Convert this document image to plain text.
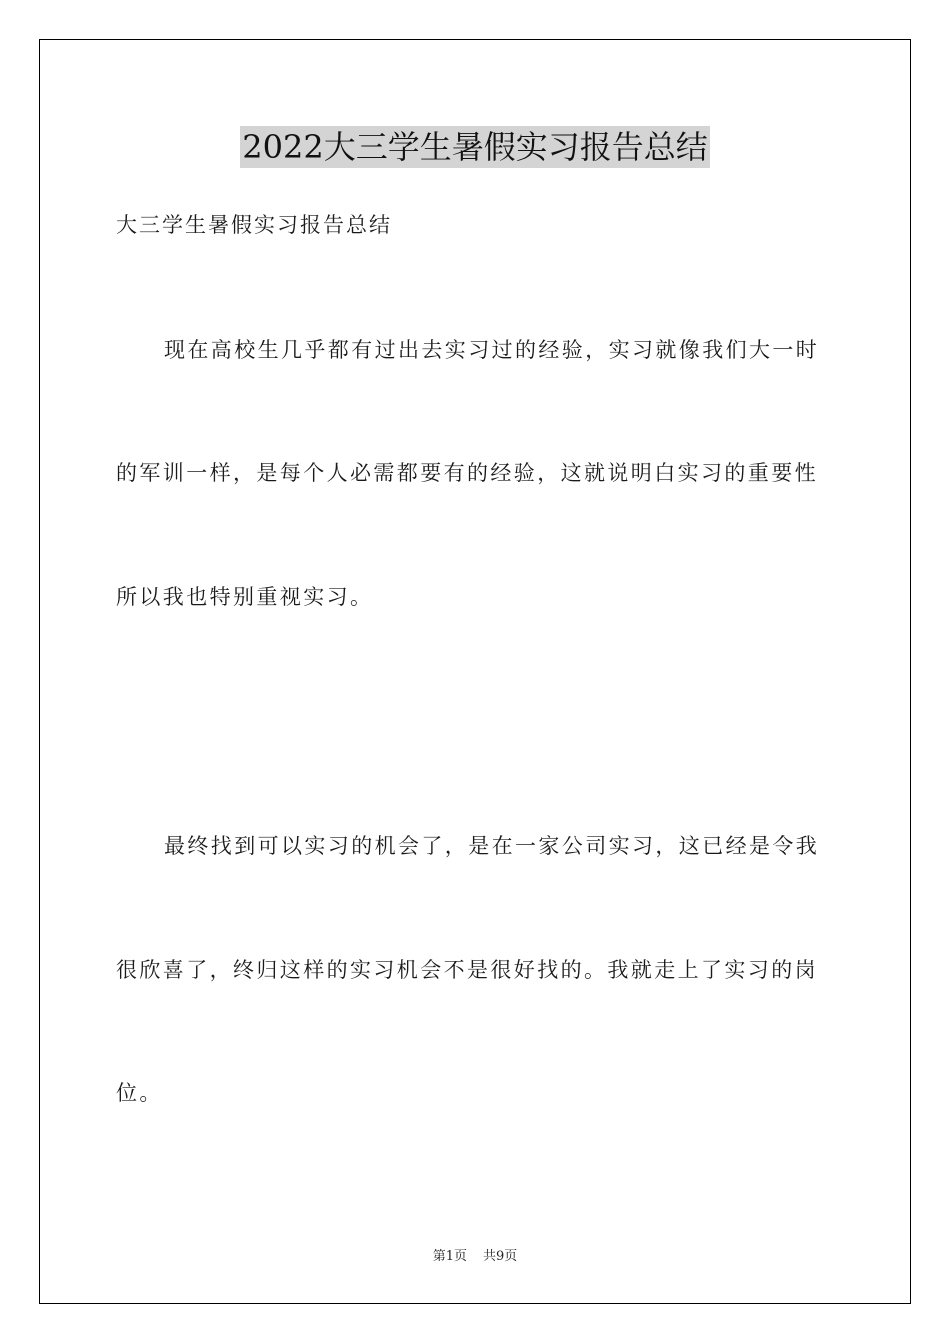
2022大三学生暑假实习报告总结
大三学生暑假实习报告总结
现在高校生几乎都有过出去实习过的经验，实习就像我们大一时
的军训一样，是每个人必需都要有的经验，这就说明白实习的重要性
所以我也特别重视实习。
最终找到可以实习的机会了，是在一家公司实习，这已经是令我
很欣喜了，终归这样的实习机会不是很好找的。我就走上了实习的岗
位。
第1页 共9页
